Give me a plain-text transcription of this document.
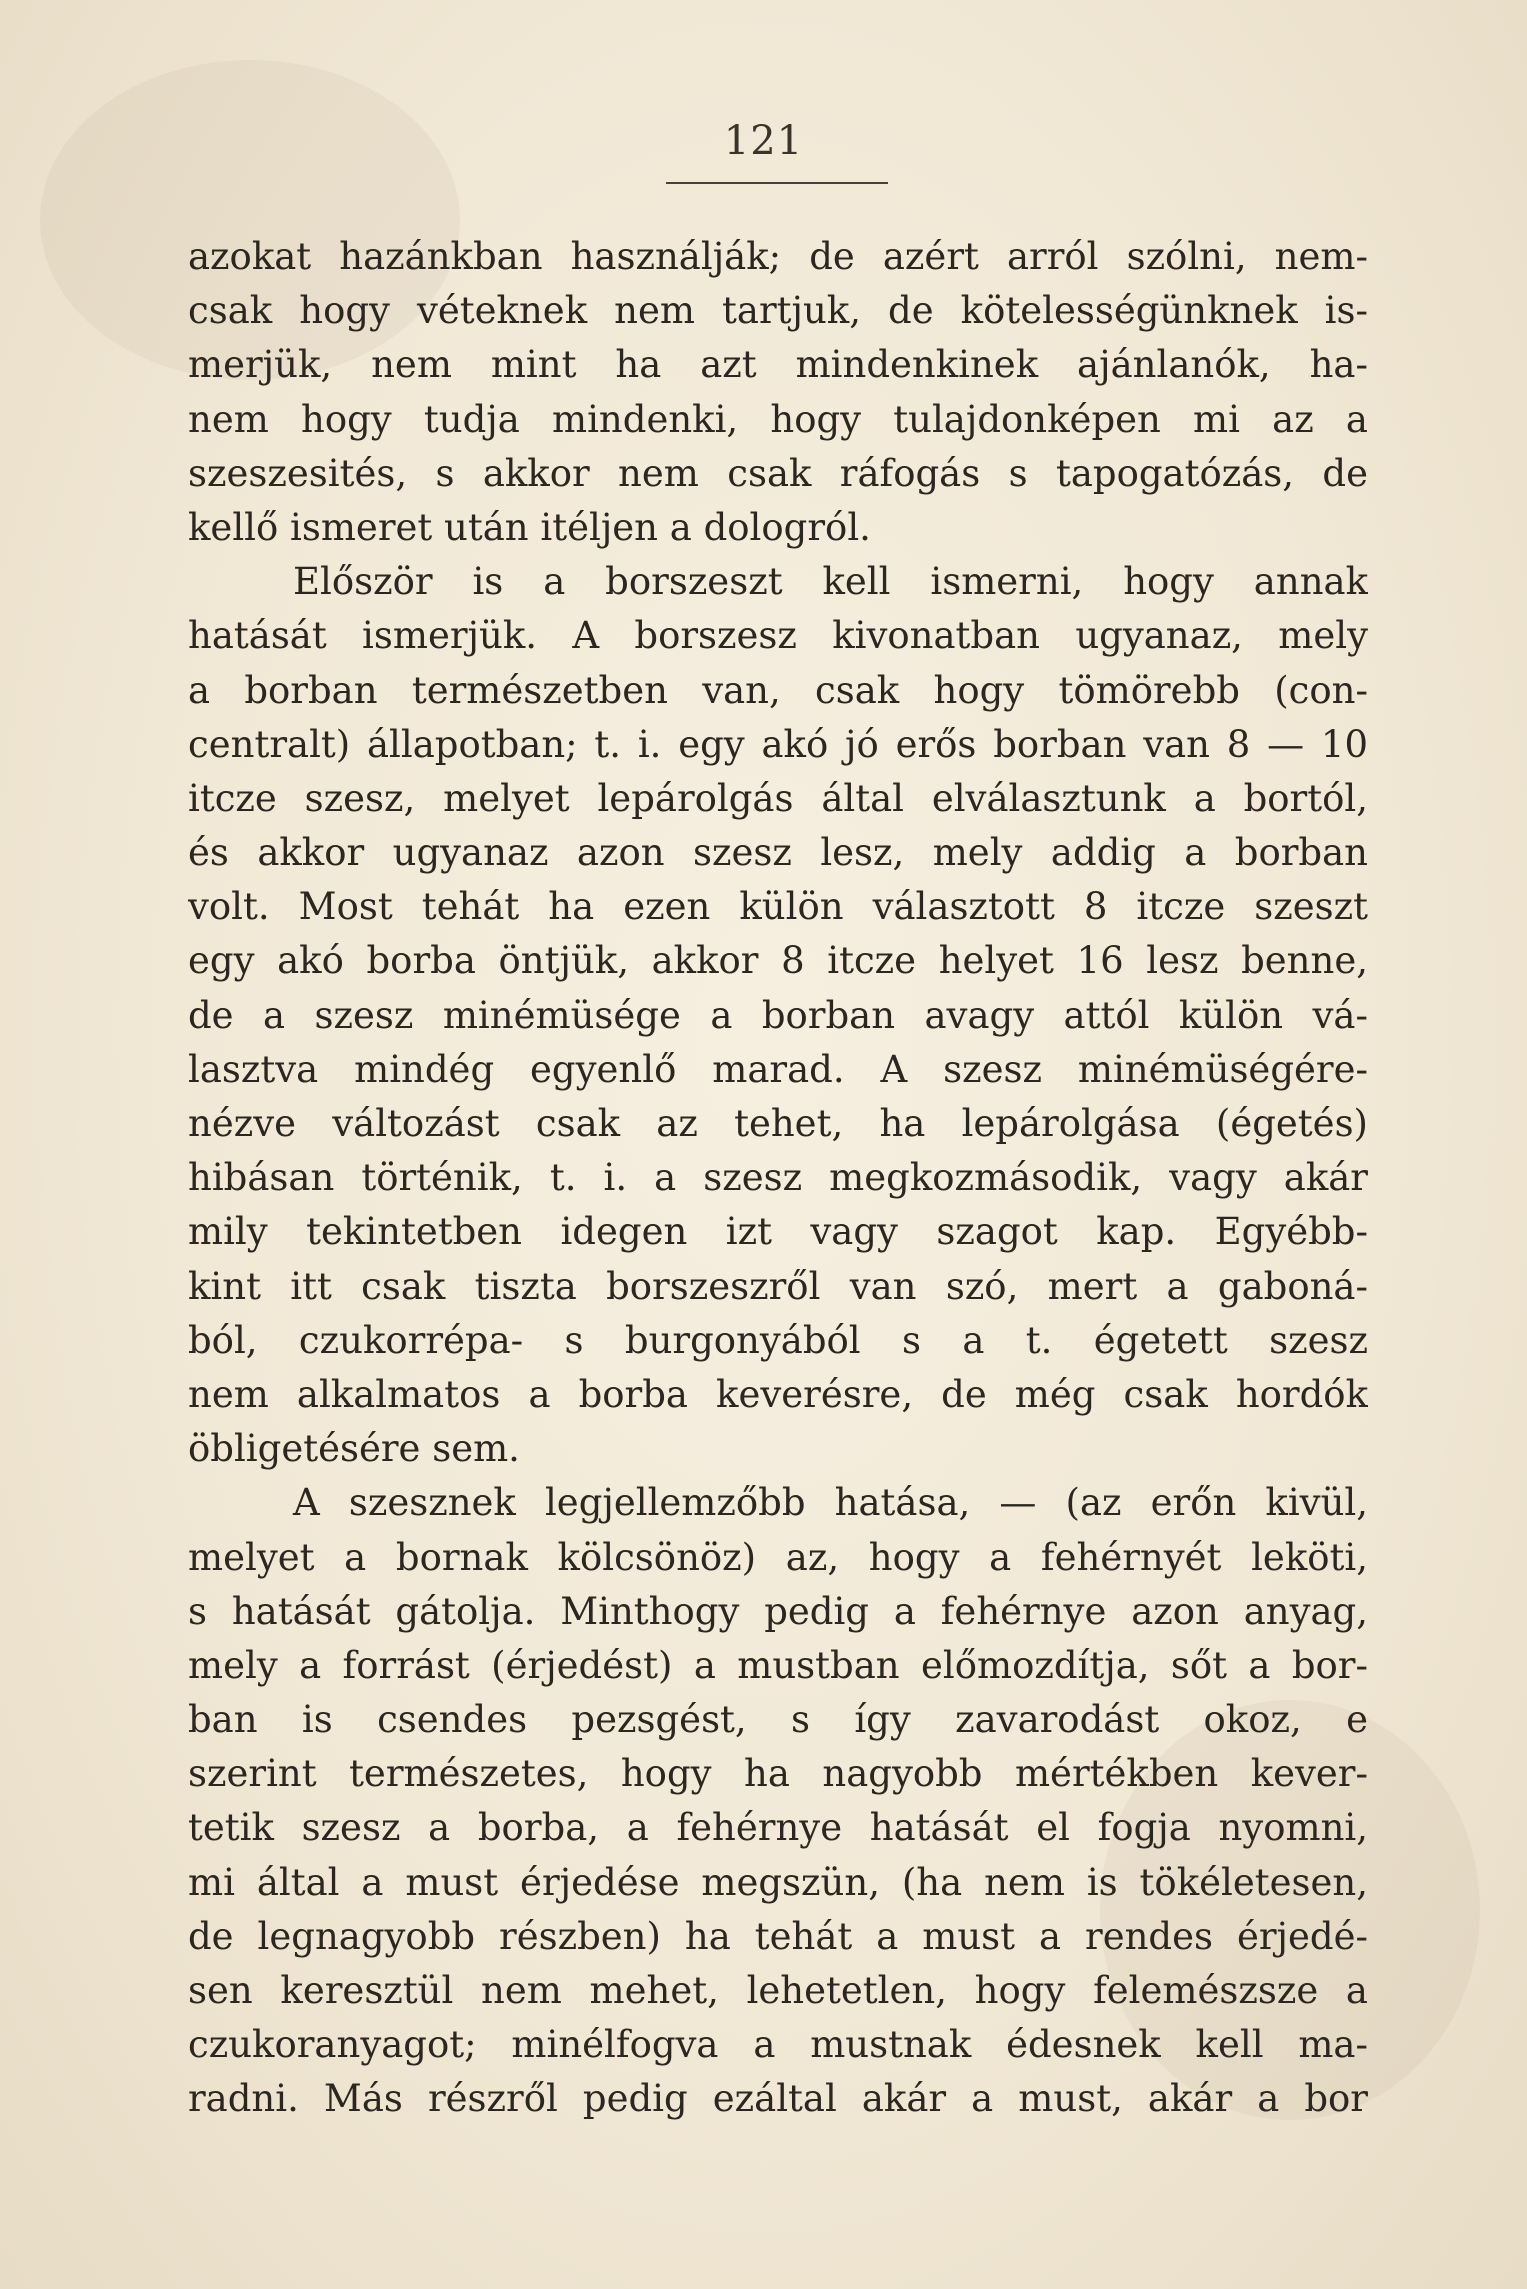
121
azokat hazánkban használják; de azért arról szólni, nem-
csak hogy véteknek nem tartjuk, de kötelességünknek is-
merjük, nem mint ha azt mindenkinek ajánlanók, ha-
nem hogy tudja mindenki, hogy tulajdonképen mi az a
szeszesités, s akkor nem csak ráfogás s tapogatózás, de
kellő ismeret után itéljen a dologról.
Először is a borszeszt kell ismerni, hogy annak
hatását ismerjük. A borszesz kivonatban ugyanaz, mely
a borban természetben van, csak hogy tömörebb (con-
centralt) állapotban; t. i. egy akó jó erős borban van 8 — 10
itcze szesz, melyet lepárolgás által elválasztunk a bortól,
és akkor ugyanaz azon szesz lesz, mely addig a borban
volt. Most tehát ha ezen külön választott 8 itcze szeszt
egy akó borba öntjük, akkor 8 itcze helyet 16 lesz benne,
de a szesz minémüsége a borban avagy attól külön vá-
lasztva mindég egyenlő marad. A szesz minémüségére-
nézve változást csak az tehet, ha lepárolgása (égetés)
hibásan történik, t. i. a szesz megkozmásodik, vagy akár
mily tekintetben idegen izt vagy szagot kap. Egyébb-
kint itt csak tiszta borszeszről van szó, mert a gaboná-
ból, czukorrépa- s burgonyából s a t. égetett szesz
nem alkalmatos a borba keverésre, de még csak hordók
öbligetésére sem.
A szesznek legjellemzőbb hatása, — (az erőn kivül,
melyet a bornak kölcsönöz) az, hogy a fehérnyét leköti,
s hatását gátolja. Minthogy pedig a fehérnye azon anyag,
mely a forrást (érjedést) a mustban előmozdítja, sőt a bor-
ban is csendes pezsgést, s így zavarodást okoz, e
szerint természetes, hogy ha nagyobb mértékben kever-
tetik szesz a borba, a fehérnye hatását el fogja nyomni,
mi által a must érjedése megszün, (ha nem is tökéletesen,
de legnagyobb részben) ha tehát a must a rendes érjedé-
sen keresztül nem mehet, lehetetlen, hogy felemészsze a
czukoranyagot; minélfogva a mustnak édesnek kell ma-
radni. Más részről pedig ezáltal akár a must, akár a bor
